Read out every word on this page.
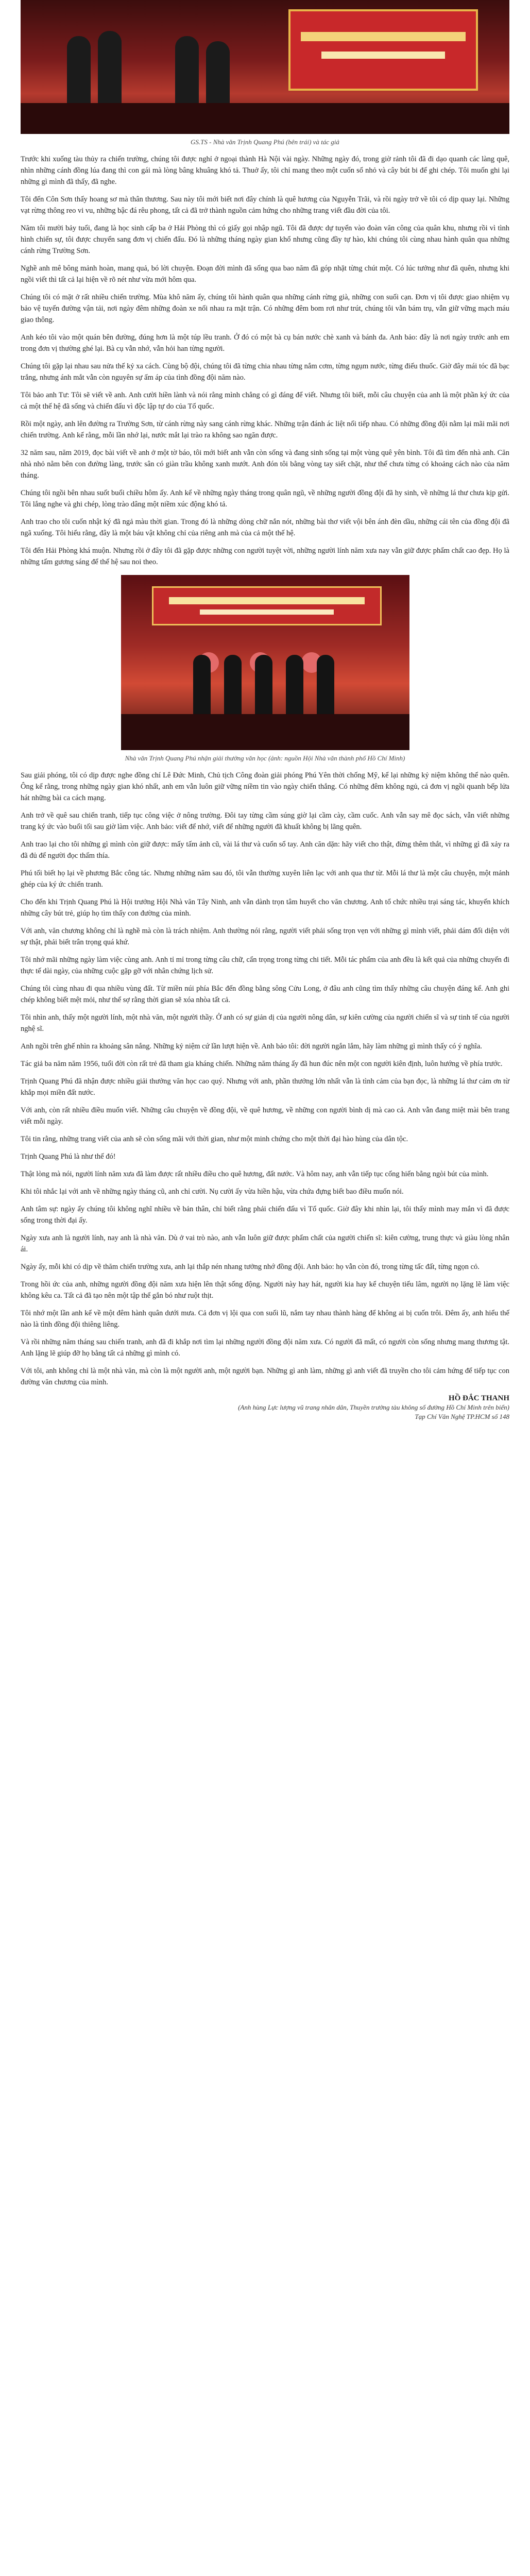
GS.TS - Nhà văn Trịnh Quang Phú (bên trái) và tác giả

Trước khi xuống tàu thủy ra chiến trường, chúng tôi được nghỉ ở ngoại thành Hà Nội vài ngày. Những ngày đó, trong giờ rảnh tôi đã đi dạo quanh các làng quê, nhìn những cánh đồng lúa đang thì con gái mà lòng bâng khuâng khó tả. Thuở ấy, tôi chỉ mang theo một cuốn sổ nhỏ và cây bút bi để ghi chép. Tôi muốn ghi lại những gì mình đã thấy, đã nghe.

Tôi đến Côn Sơn thấy hoang sơ mà thân thương. Sau này tôi mới biết nơi đây chính là quê hương của Nguyễn Trãi, và rồi ngày trở về tôi có dịp quay lại. Những vạt rừng thông reo vi vu, những bậc đá rêu phong, tất cả đã trở thành nguồn cảm hứng cho những trang viết đầu đời của tôi.

Năm tôi mười bảy tuổi, đang là học sinh cấp ba ở Hải Phòng thì có giấy gọi nhập ngũ. Tôi đã được dự tuyển vào đoàn văn công của quân khu, nhưng rồi vì tình hình chiến sự, tôi được chuyển sang đơn vị chiến đấu. Đó là những tháng ngày gian khổ nhưng cũng đầy tự hào, khi chúng tôi cùng nhau hành quân qua những cánh rừng Trường Sơn.

Nghề anh mê bông mảnh hoàn, mang quả, bó lời chuyện. Đoạn đời mình đã sống qua bao năm đã góp nhặt từng chút một. Có lúc tưởng như đã quên, nhưng khi ngồi viết thì tất cả lại hiện về rõ nét như vừa mới hôm qua.

Chúng tôi có mặt ở rất nhiều chiến trường. Mùa khô năm ấy, chúng tôi hành quân qua những cánh rừng già, những con suối cạn. Đơn vị tôi được giao nhiệm vụ bảo vệ tuyến đường vận tải, nơi ngày đêm những đoàn xe nối nhau ra mặt trận. Có những đêm bom rơi như trút, chúng tôi vẫn bám trụ, vẫn giữ vững mạch máu giao thông.

Anh kéo tôi vào một quán bên đường, đúng hơn là một túp lều tranh. Ở đó có một bà cụ bán nước chè xanh và bánh đa. Anh bảo: đây là nơi ngày trước anh em trong đơn vị thường ghé lại. Bà cụ vẫn nhớ, vẫn hỏi han từng người.

Chúng tôi gặp lại nhau sau nửa thế kỷ xa cách. Cùng bộ đội, chúng tôi đã từng chia nhau từng nắm cơm, từng ngụm nước, từng điếu thuốc. Giờ đây mái tóc đã bạc trắng, nhưng ánh mắt vẫn còn nguyên sự ấm áp của tình đồng đội năm nào.

Tôi bảo anh Tư: Tôi sẽ viết về anh. Anh cười hiền lành và nói rằng mình chẳng có gì đáng để viết. Nhưng tôi biết, mỗi câu chuyện của anh là một phần ký ức của cả một thế hệ đã sống và chiến đấu vì độc lập tự do của Tổ quốc.

Rồi một ngày, anh lên đường ra Trường Sơn, từ cánh rừng này sang cánh rừng khác. Những trận đánh ác liệt nối tiếp nhau. Có những đồng đội nằm lại mãi mãi nơi chiến trường. Anh kể rằng, mỗi lần nhớ lại, nước mắt lại trào ra không sao ngăn được.

32 năm sau, năm 2019, đọc bài viết về anh ở một tờ báo, tôi mới biết anh vẫn còn sống và đang sinh sống tại một vùng quê yên bình. Tôi đã tìm đến nhà anh. Căn nhà nhỏ nằm bên con đường làng, trước sân có giàn trầu không xanh mướt. Anh đón tôi bằng vòng tay siết chặt, như thể chưa từng có khoảng cách nào của năm tháng.

Chúng tôi ngồi bên nhau suốt buổi chiều hôm ấy. Anh kể về những ngày tháng trong quân ngũ, về những người đồng đội đã hy sinh, về những lá thư chưa kịp gửi. Tôi lắng nghe và ghi chép, lòng trào dâng một niềm xúc động khó tả.

Anh trao cho tôi cuốn nhật ký đã ngả màu thời gian. Trong đó là những dòng chữ nắn nót, những bài thơ viết vội bên ánh đèn dầu, những cái tên của đồng đội đã ngã xuống. Tôi hiểu rằng, đây là một báu vật không chỉ của riêng anh mà của cả một thế hệ.

Tôi đến Hải Phòng khá muộn. Nhưng rồi ở đây tôi đã gặp được những con người tuyệt vời, những người lính năm xưa nay vẫn giữ được phẩm chất cao đẹp. Họ là những tấm gương sáng để thế hệ sau noi theo.

Nhà văn Trịnh Quang Phú nhận giải thưởng văn học (ảnh: nguồn Hội Nhà văn thành phố Hồ Chí Minh)

Sau giải phóng, tôi có dịp được nghe đồng chí Lê Đức Minh, Chủ tịch Công đoàn giải phóng Phú Yên thời chống Mỹ, kể lại những kỷ niệm không thể nào quên. Ông kể rằng, trong những ngày gian khó nhất, anh em vẫn luôn giữ vững niềm tin vào ngày chiến thắng. Có những đêm không ngủ, cả đơn vị ngồi quanh bếp lửa hát những bài ca cách mạng.

Anh trở về quê sau chiến tranh, tiếp tục công việc ở nông trường. Đôi tay từng cầm súng giờ lại cầm cày, cầm cuốc. Anh vẫn say mê đọc sách, vẫn viết những trang ký ức vào buổi tối sau giờ làm việc. Anh bảo: viết để nhớ, viết để những người đã khuất không bị lãng quên.

Anh trao lại cho tôi những gì mình còn giữ được: mấy tấm ảnh cũ, vài lá thư và cuốn sổ tay. Anh căn dặn: hãy viết cho thật, đừng thêm thắt, vì những gì đã xảy ra đã đủ để người đọc thấm thía.

Phú tối biết họ lại về phương Bắc công tác. Nhưng những năm sau đó, tôi vẫn thường xuyên liên lạc với anh qua thư từ. Mỗi lá thư là một câu chuyện, một mảnh ghép của ký ức chiến tranh.

Cho đến khi Trịnh Quang Phú là Hội trưởng Hội Nhà văn Tây Ninh, anh vẫn dành trọn tâm huyết cho văn chương. Anh tổ chức nhiều trại sáng tác, khuyến khích những cây bút trẻ, giúp họ tìm thấy con đường của mình.

Với anh, văn chương không chỉ là nghề mà còn là trách nhiệm. Anh thường nói rằng, người viết phải sống trọn vẹn với những gì mình viết, phải dám đối diện với sự thật, phải biết trân trọng quá khứ.

Tôi nhớ mãi những ngày làm việc cùng anh. Anh tỉ mỉ trong từng câu chữ, cẩn trọng trong từng chi tiết. Mỗi tác phẩm của anh đều là kết quả của những chuyến đi thực tế dài ngày, của những cuộc gặp gỡ với nhân chứng lịch sử.

Chúng tôi cùng nhau đi qua nhiều vùng đất. Từ miền núi phía Bắc đến đồng bằng sông Cửu Long, ở đâu anh cũng tìm thấy những câu chuyện đáng kể. Anh ghi chép không biết mệt mỏi, như thể sợ rằng thời gian sẽ xóa nhòa tất cả.

Tôi nhìn anh, thấy một người lính, một nhà văn, một người thầy. Ở anh có sự giản dị của người nông dân, sự kiên cường của người chiến sĩ và sự tinh tế của người nghệ sĩ.

Anh ngồi trên ghế nhìn ra khoảng sân nắng. Những kỷ niệm cứ lần lượt hiện về. Anh bảo tôi: đời người ngắn lắm, hãy làm những gì mình thấy có ý nghĩa.

Tác giả ba năm năm 1956, tuổi đời còn rất trẻ đã tham gia kháng chiến. Những năm tháng ấy đã hun đúc nên một con người kiên định, luôn hướng về phía trước.

Trịnh Quang Phú đã nhận được nhiều giải thưởng văn học cao quý. Nhưng với anh, phần thưởng lớn nhất vẫn là tình cảm của bạn đọc, là những lá thư cảm ơn từ khắp mọi miền đất nước.

Với anh, còn rất nhiều điều muốn viết. Những câu chuyện về đồng đội, về quê hương, về những con người bình dị mà cao cả. Anh vẫn đang miệt mài bên trang viết mỗi ngày.

Tôi tin rằng, những trang viết của anh sẽ còn sống mãi với thời gian, như một minh chứng cho một thời đại hào hùng của dân tộc.

Trịnh Quang Phú là như thế đó!

Thật lòng mà nói, người lính năm xưa đã làm được rất nhiều điều cho quê hương, đất nước. Và hôm nay, anh vẫn tiếp tục cống hiến bằng ngòi bút của mình.

Khi tôi nhắc lại với anh về những ngày tháng cũ, anh chỉ cười. Nụ cười ấy vừa hiền hậu, vừa chứa đựng biết bao điều muốn nói.

Anh tâm sự: ngày ấy chúng tôi không nghĩ nhiều về bản thân, chỉ biết rằng phải chiến đấu vì Tổ quốc. Giờ đây khi nhìn lại, tôi thấy mình may mắn vì đã được sống trong thời đại ấy.

Ngày xưa anh là người lính, nay anh là nhà văn. Dù ở vai trò nào, anh vẫn luôn giữ được phẩm chất của người chiến sĩ: kiên cường, trung thực và giàu lòng nhân ái.

Ngày ấy, mỗi khi có dịp về thăm chiến trường xưa, anh lại thắp nén nhang tưởng nhớ đồng đội. Anh bảo: họ vẫn còn đó, trong từng tấc đất, từng ngọn cỏ.

Trong hồi ức của anh, những người đồng đội năm xưa hiện lên thật sống động. Người này hay hát, người kia hay kể chuyện tiếu lâm, người nọ lặng lẽ làm việc không kêu ca. Tất cả đã tạo nên một tập thể gắn bó như ruột thịt.

Tôi nhớ một lần anh kể về một đêm hành quân dưới mưa. Cả đơn vị lội qua con suối lũ, nắm tay nhau thành hàng để không ai bị cuốn trôi. Đêm ấy, anh hiểu thế nào là tình đồng đội thiêng liêng.

Và rồi những năm tháng sau chiến tranh, anh đã đi khắp nơi tìm lại những người đồng đội năm xưa. Có người đã mất, có người còn sống nhưng mang thương tật. Anh lặng lẽ giúp đỡ họ bằng tất cả những gì mình có.

Với tôi, anh không chỉ là một nhà văn, mà còn là một người anh, một người bạn. Những gì anh làm, những gì anh viết đã truyền cho tôi cảm hứng để tiếp tục con đường văn chương của mình.

HỒ ĐẮC THANH
(Anh hùng Lực lượng vũ trang nhân dân, Thuyền trưởng tàu không số đường Hồ Chí Minh trên biển)
Tạp Chí Văn Nghệ TP.HCM số 148
